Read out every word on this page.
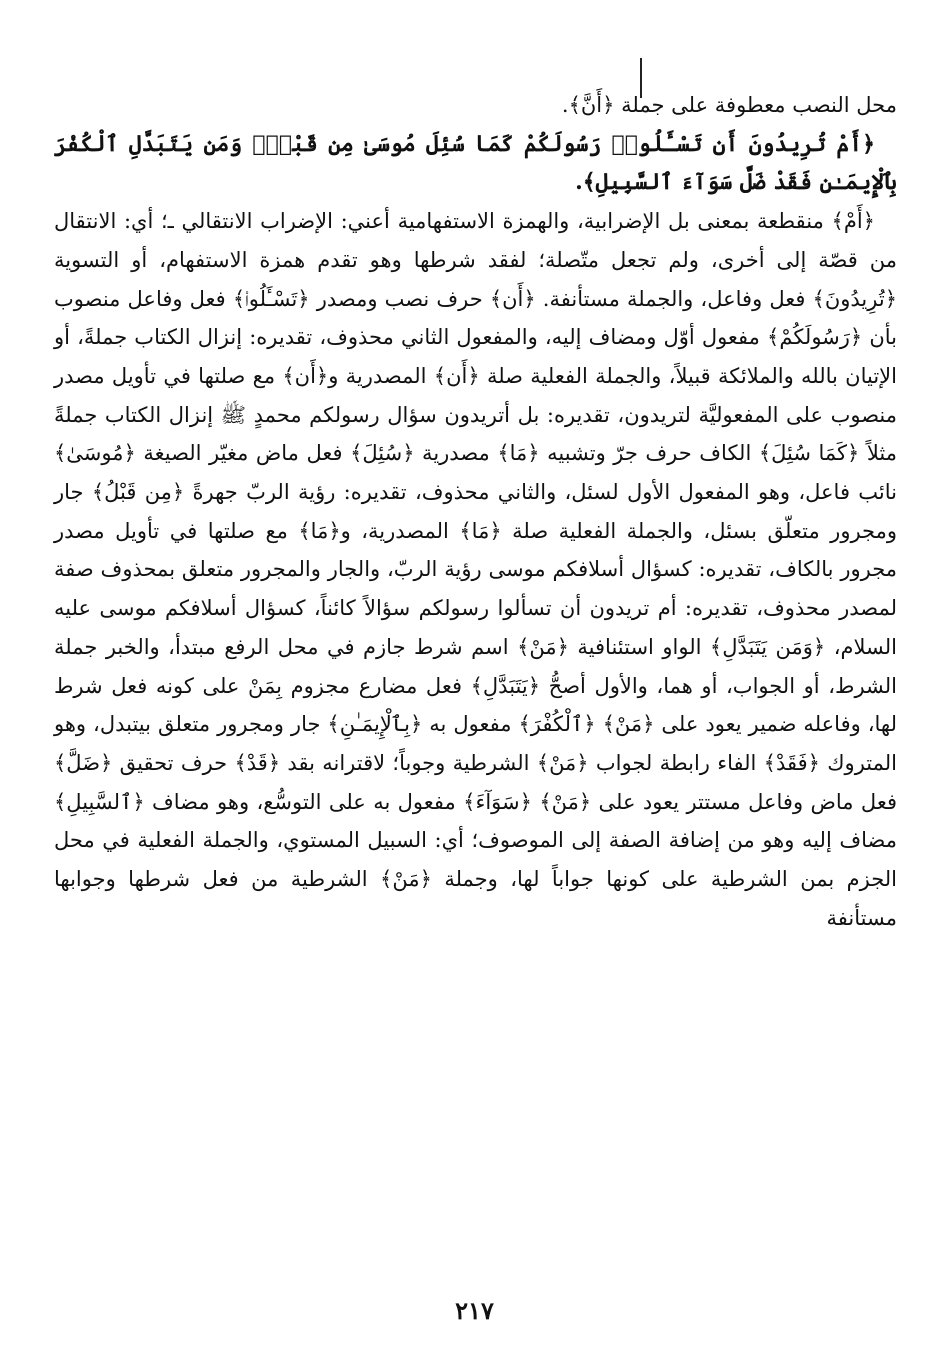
محل النصب معطوفة على جملة ﴿أَنَّ﴾.

﴿أَمْ تُرِيدُونَ أَن تَسْـَٔلُوا۟ رَسُولَكُمْ كَمَا سُئِلَ مُوسَىٰ مِن قَبْلُۗ وَمَن يَتَبَدَّلِ ٱلْكُفْرَ بِٱلْإِيمَـٰنِ فَقَدْ ضَلَّ سَوَآءَ ٱلسَّبِيلِ﴾.

﴿أَمْ﴾ منقطعة بمعنى بل الإضرابية، والهمزة الاستفهامية أعني: الإضراب الانتقالي ـ؛ أي: الانتقال من قصّة إلى أخرى، ولم تجعل متّصلة؛ لفقد شرطها وهو تقدم همزة الاستفهام، أو التسوية ﴿تُرِيدُونَ﴾ فعل وفاعل، والجملة مستأنفة. ﴿أَن﴾ حرف نصب ومصدر ﴿تَسْـَٔلُوا۟﴾ فعل وفاعل منصوب بأن ﴿رَسُولَكُمْ﴾ مفعول أوّل ومضاف إليه، والمفعول الثاني محذوف، تقديره: إنزال الكتاب جملةً، أو الإتيان بالله والملائكة قبيلاً، والجملة الفعلية صلة ﴿أَن﴾ المصدرية و﴿أَن﴾ مع صلتها في تأويل مصدر منصوب على المفعوليَّة لتريدون، تقديره: بل أتريدون سؤال رسولكم محمدٍ ﷺ إنزال الكتاب جملةً مثلاً ﴿كَمَا سُئِلَ﴾ الكاف حرف جرّ وتشبيه ﴿مَا﴾ مصدرية ﴿سُئِلَ﴾ فعل ماض مغيّر الصيغة ﴿مُوسَىٰ﴾ نائب فاعل، وهو المفعول الأول لسئل، والثاني محذوف، تقديره: رؤية الربّ جهرةً ﴿مِن قَبْلُ﴾ جار ومجرور متعلّق بسئل، والجملة الفعلية صلة ﴿مَا﴾ المصدرية، و﴿مَا﴾ مع صلتها في تأويل مصدر مجرور بالكاف، تقديره: كسؤال أسلافكم موسى رؤية الربّ، والجار والمجرور متعلق بمحذوف صفة لمصدر محذوف، تقديره: أم تريدون أن تسألوا رسولكم سؤالاً كائناً، كسؤال أسلافكم موسى عليه السلام، ﴿وَمَن يَتَبَدَّلِ﴾ الواو استئنافية ﴿مَنْ﴾ اسم شرط جازم في محل الرفع مبتدأ، والخبر جملة الشرط، أو الجواب، أو هما، والأول أصحُّ ﴿يَتَبَدَّلِ﴾ فعل مضارع مجزوم بِمَنْ على كونه فعل شرط لها، وفاعله ضمير يعود على ﴿مَنْ﴾ ﴿ٱلْكُفْرَ﴾ مفعول به ﴿بِٱلْإِيمَـٰنِ﴾ جار ومجرور متعلق بيتبدل، وهو المتروك ﴿فَقَدْ﴾ الفاء رابطة لجواب ﴿مَنْ﴾ الشرطية وجوباً؛ لاقترانه بقد ﴿قَدْ﴾ حرف تحقيق ﴿ضَلَّ﴾ فعل ماض وفاعل مستتر يعود على ﴿مَنْ﴾ ﴿سَوَآءَ﴾ مفعول به على التوسُّع، وهو مضاف ﴿ٱلسَّبِيلِ﴾ مضاف إليه وهو من إضافة الصفة إلى الموصوف؛ أي: السبيل المستوي، والجملة الفعلية في محل الجزم بمن الشرطية على كونها جواباً لها، وجملة ﴿مَنْ﴾ الشرطية من فعل شرطها وجوابها مستأنفة

٢١٧
